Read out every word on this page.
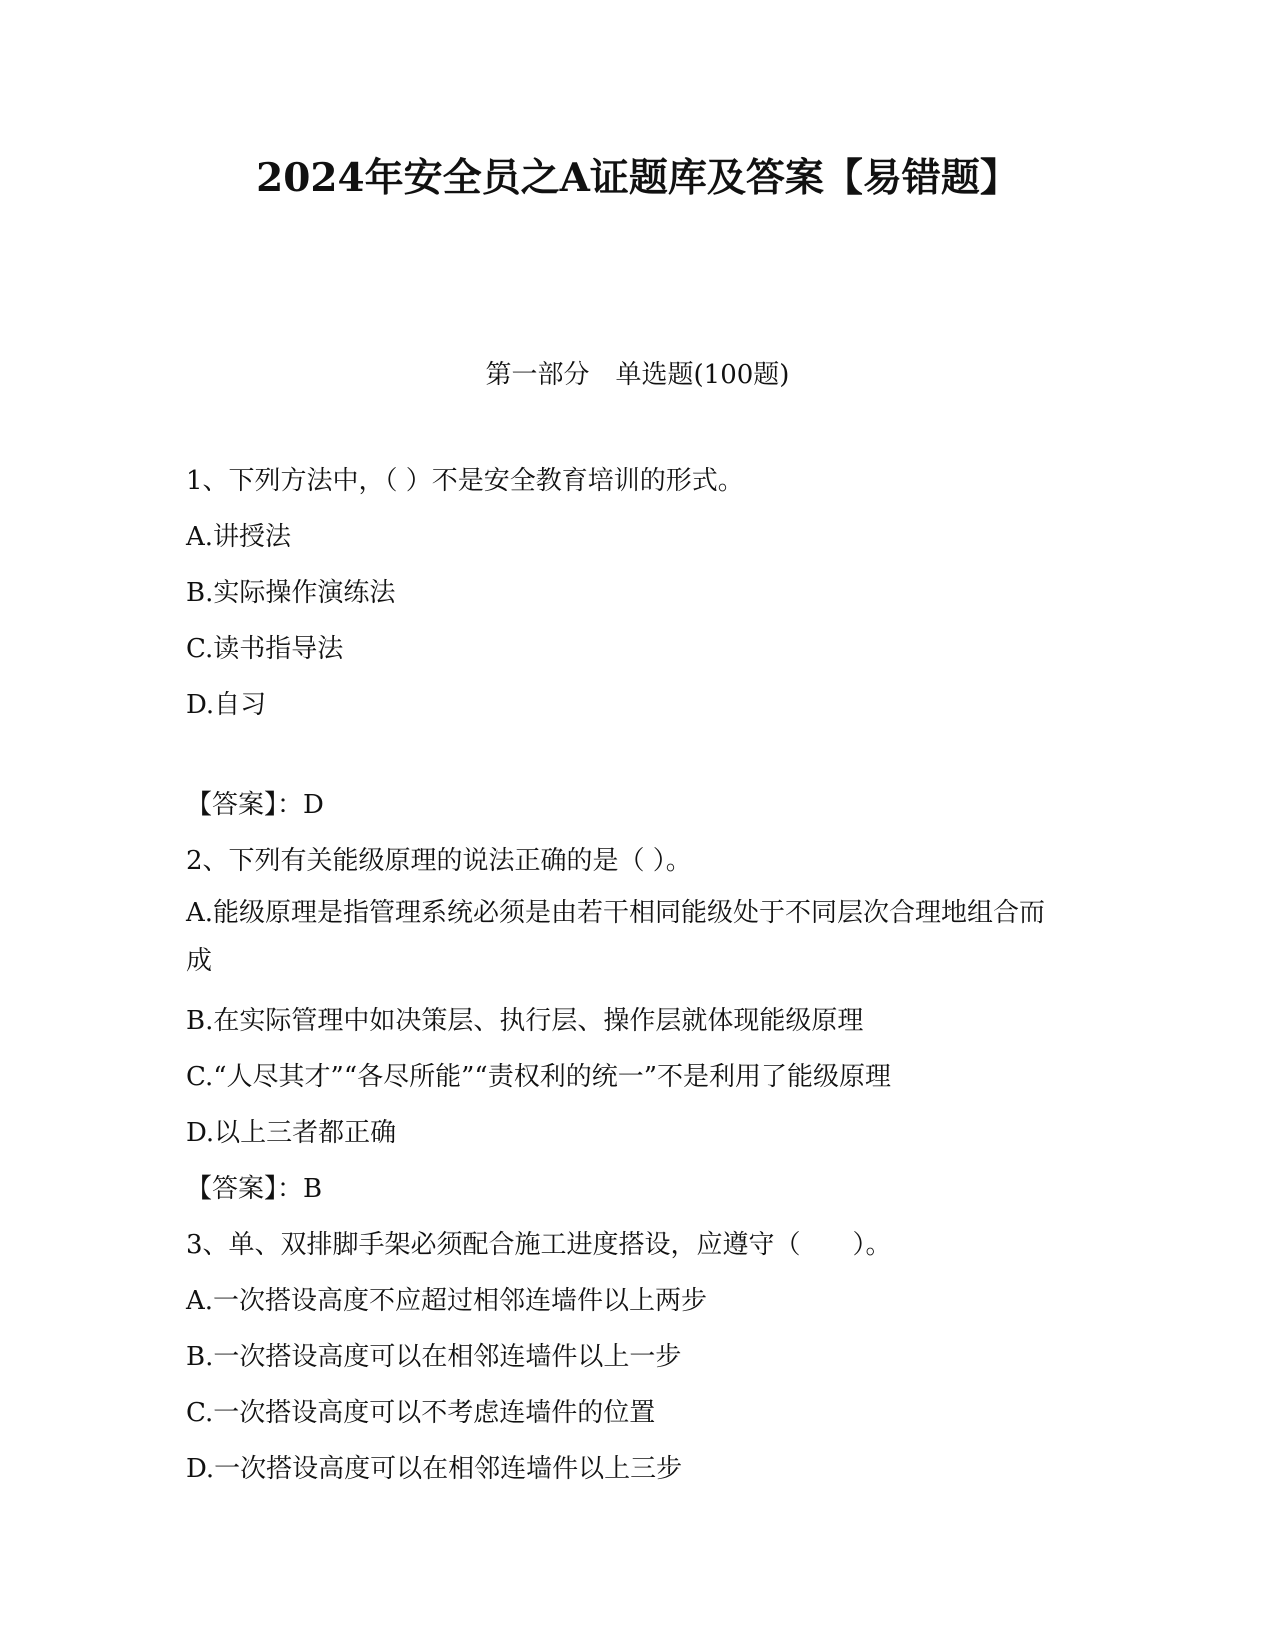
2024年安全员之A证题库及答案【易错题】
第一部分　单选题(100题)
1、下列方法中，（ ）不是安全教育培训的形式。
A.讲授法
B.实际操作演练法
C.读书指导法
D.自习
【答案】：D
2、下列有关能级原理的说法正确的是（ ）。
A.能级原理是指管理系统必须是由若干相同能级处于不同层次合理地组合而成
B.在实际管理中如决策层、执行层、操作层就体现能级原理
C.“人尽其才”“各尽所能”“责权利的统一”不是利用了能级原理
D.以上三者都正确
【答案】：B
3、单、双排脚手架必须配合施工进度搭设，应遵守（　　）。
A.一次搭设高度不应超过相邻连墙件以上两步
B.一次搭设高度可以在相邻连墙件以上一步
C.一次搭设高度可以不考虑连墙件的位置
D.一次搭设高度可以在相邻连墙件以上三步
